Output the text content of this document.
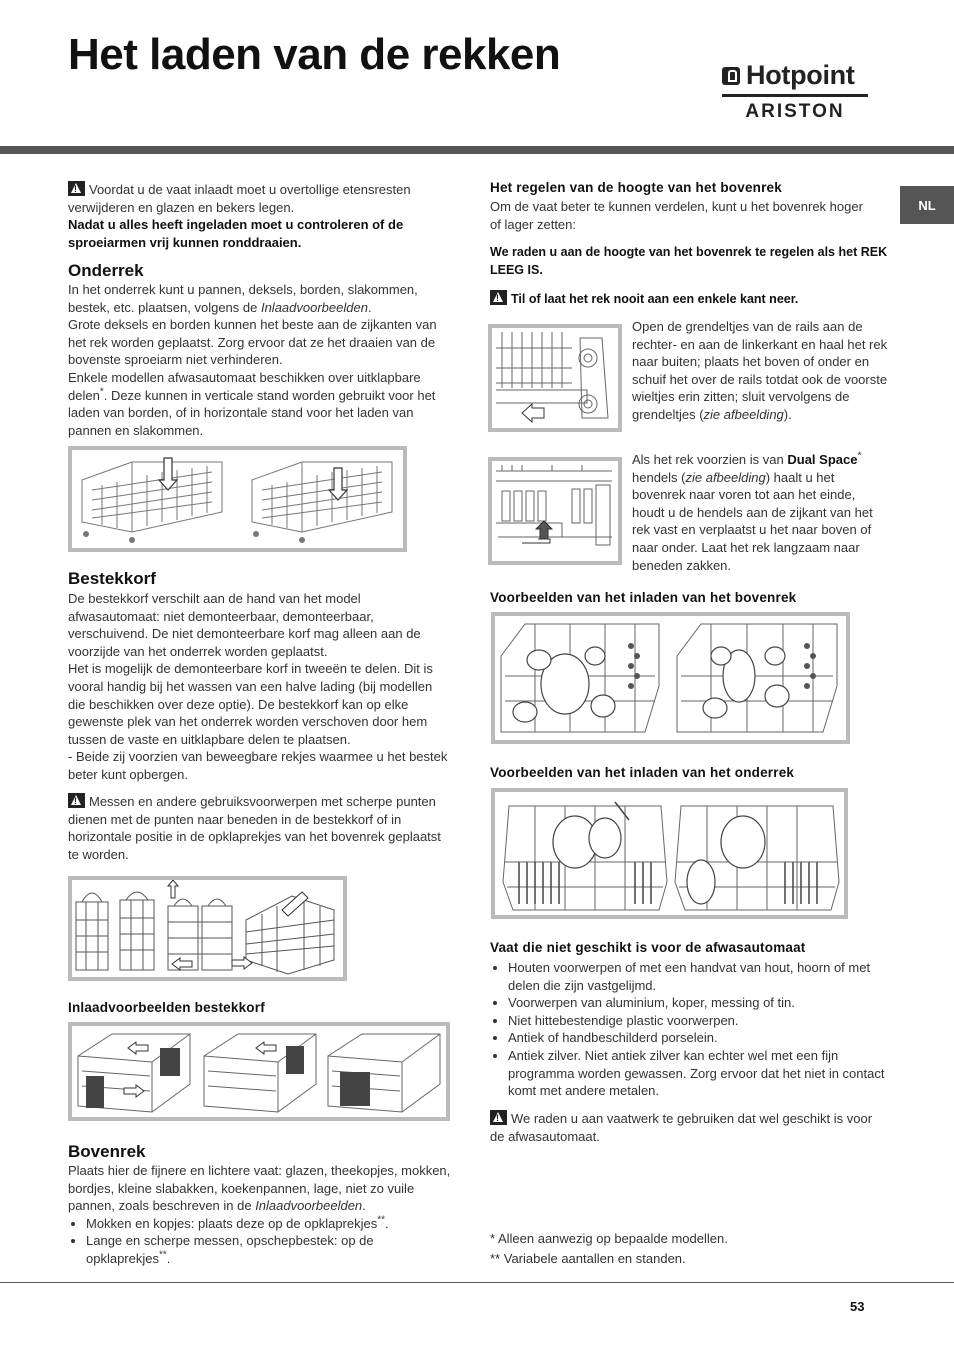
Het laden van de rekken	Hotpoint
ARISTON
NL

!Voordat u de vaat inlaadt moet u overtollige etensresten verwijderen en glazen en bekers legen.

Nadat u alles heeft ingeladen moet u controleren of de sproeiarmen vrij kunnen ronddraaien.

Onderrek

In het onderrek kunt u pannen, deksels, borden, slakommen, bestek, etc. plaatsen, volgens de Inlaadvoorbeelden.

Grote deksels en borden kunnen het beste aan de zijkanten van het rek worden geplaatst. Zorg ervoor dat ze het draaien van de bovenste sproeiarm niet verhinderen.

Enkele modellen afwasautomaat beschikken over uitklapbare delen*. Deze kunnen in verticale stand worden gebruikt voor het laden van borden, of in horizontale stand voor het laden van pannen en slakommen.

Bestekkorf

De bestekkorf verschilt aan de hand van het model afwasautomaat: niet demonteerbaar, demonteerbaar, verschuivend. De niet demonteerbare korf mag alleen aan de voorzijde van het onderrek worden geplaatst.

Het is mogelijk de demonteerbare korf in tweeën te delen. Dit is vooral handig bij het wassen van een halve lading (bij modellen die beschikken over deze optie). De bestekkorf kan op elke gewenste plek van het onderrek worden verschoven door hem tussen de vaste en uitklapbare delen te plaatsen.

- Beide zij voorzien van beweegbare rekjes waarmee u het bestek beter kunt opbergen.

!Messen en andere gebruiksvoorwerpen met scherpe punten dienen met de punten naar beneden in de bestekkorf of in horizontale positie in de opklaprekjes van het bovenrek geplaatst te worden.

Inlaadvoorbeelden bestekkorf
Bovenrek

Plaats hier de fijnere en lichtere vaat: glazen, theekopjes, mokken, bordjes, kleine slabakken, koekenpannen, lage, niet zo vuile pannen, zoals beschreven in de Inlaadvoorbeelden.

• Mokken en kopjes: plaats deze op de opklaprekjes**.
• Lange en scherpe messen, opschepbestek: op de opklaprekjes**.
Het regelen van de hoogte van het bovenrek

Om de vaat beter te kunnen verdelen, kunt u het bovenrek hoger of lager zetten:

We raden u aan de hoogte van het bovenrek te regelen als het REK LEEG IS.

!Til of laat het rek nooit aan een enkele kant neer.

Open de grendeltjes van de rails aan de rechter- en aan de linkerkant en haal het rek naar buiten; plaats het boven of onder en schuif het over de rails totdat ook de voorste wieltjes erin zitten; sluit vervolgens de grendeltjes (zie afbeelding).

Als het rek voorzien is van Dual Space* hendels (zie afbeelding) haalt u het bovenrek naar voren tot aan het einde, houdt u de hendels aan de zijkant van het rek vast en verplaatst u het naar boven of naar onder. Laat het rek langzaam naar beneden zakken.

Voorbeelden van het inladen van het bovenrek
Voorbeelden van het inladen van het onderrek
Vaat die niet geschikt is voor de afwasautomaat
• Houten voorwerpen of met een handvat van hout, hoorn of met delen die zijn vastgelijmd.
• Voorwerpen van aluminium, koper, messing of tin.
• Niet hittebestendige plastic voorwerpen.
• Antiek of handbeschilderd porselein.
• Antiek zilver. Niet antiek zilver kan echter wel met een fijn programma worden gewassen. Zorg ervoor dat het niet in contact komt met andere metalen.

!We raden u aan vaatwerk te gebruiken dat wel geschikt is voor de afwasautomaat.

* Alleen aanwezig op bepaalde modellen.

** Variabele aantallen en standen.

53
